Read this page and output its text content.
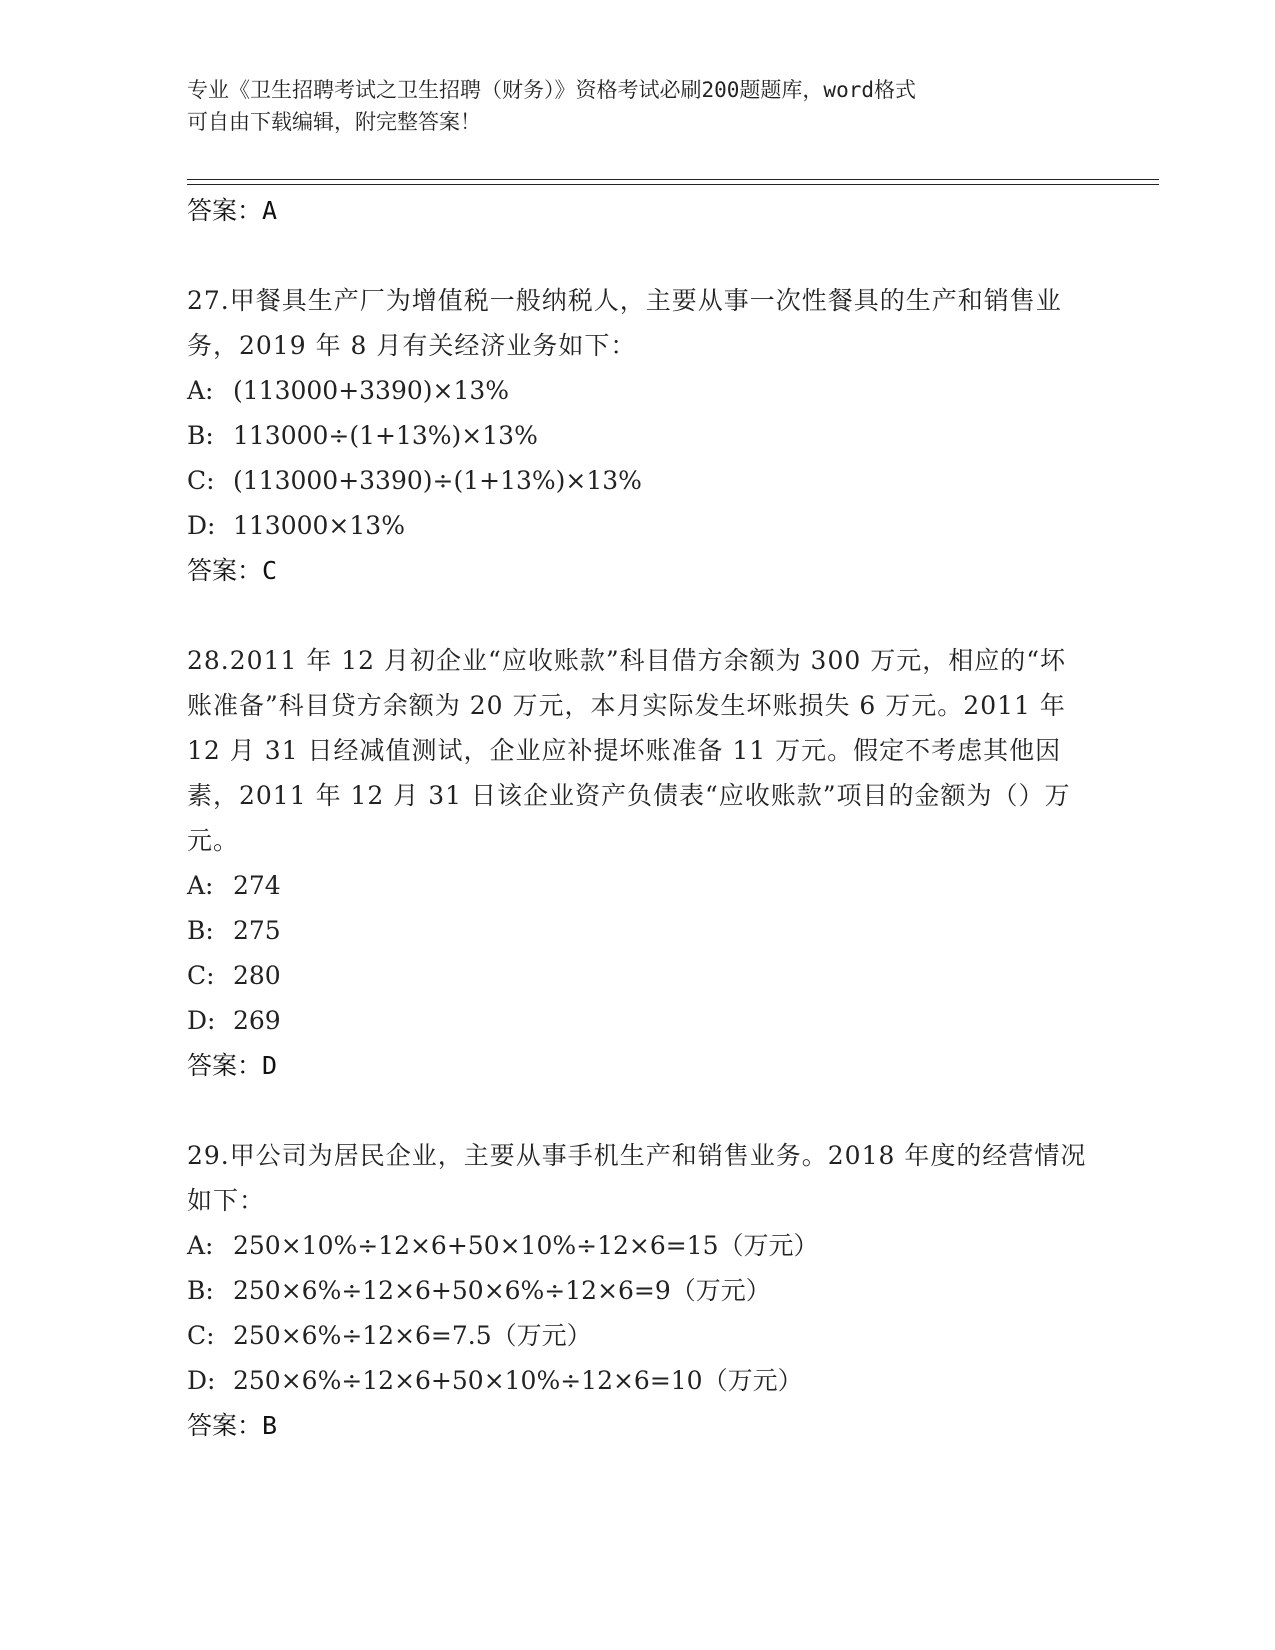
专业《卫生招聘考试之卫生招聘（财务）》资格考试必刷200题题库，word格式
可自由下载编辑，附完整答案！
答案：A
27.甲餐具生产厂为增值税一般纳税人，主要从事一次性餐具的生产和销售业务，2019 年 8 月有关经济业务如下：
A: (113000+3390)×13%
B: 113000÷(1+13%)×13%
C: (113000+3390)÷(1+13%)×13%
D: 113000×13%
答案：C
28.2011 年 12 月初企业“应收账款”科目借方余额为 300 万元，相应的“坏账准备”科目贷方余额为 20 万元，本月实际发生坏账损失 6 万元。2011 年 12 月 31 日经减值测试，企业应补提坏账准备 11 万元。假定不考虑其他因素，2011 年 12 月 31 日该企业资产负债表“应收账款”项目的金额为（）万元。
A: 274
B: 275
C: 280
D: 269
答案：D
29.甲公司为居民企业，主要从事手机生产和销售业务。2018 年度的经营情况如下：
A: 250×10%÷12×6+50×10%÷12×6=15（万元）
B: 250×6%÷12×6+50×6%÷12×6=9（万元）
C: 250×6%÷12×6=7.5（万元）
D: 250×6%÷12×6+50×10%÷12×6=10（万元）
答案：B
